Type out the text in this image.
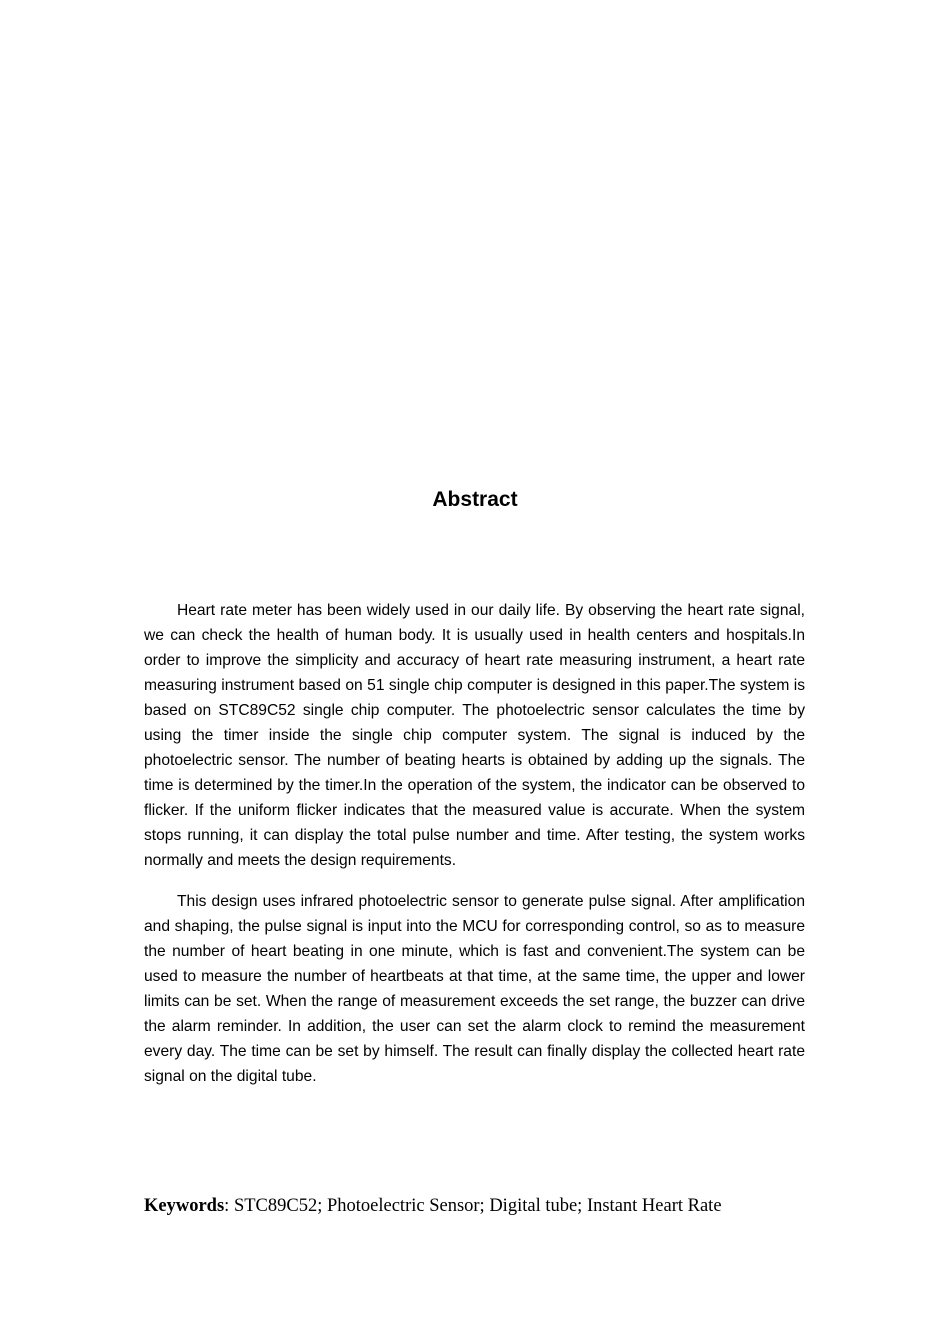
Abstract

Heart rate meter has been widely used in our daily life. By observing the heart rate signal, we can check the health of human body. It is usually used in health centers and hospitals.In order to improve the simplicity and accuracy of heart rate measuring instrument, a heart rate measuring instrument based on 51 single chip computer is designed in this paper.The system is based on STC89C52 single chip computer. The photoelectric sensor calculates the time by using the timer inside the single chip computer system. The signal is induced by the photoelectric sensor. The number of beating hearts is obtained by adding up the signals. The time is determined by the timer.In the operation of the system, the indicator can be observed to flicker. If the uniform flicker indicates that the measured value is accurate. When the system stops running, it can display the total pulse number and time. After testing, the system works normally and meets the design requirements.

This design uses infrared photoelectric sensor to generate pulse signal. After amplification and shaping, the pulse signal is input into the MCU for corresponding control, so as to measure the number of heart beating in one minute, which is fast and convenient.The system can be used to measure the number of heartbeats at that time, at the same time, the upper and lower limits can be set. When the range of measurement exceeds the set range, the buzzer can drive the alarm reminder. In addition, the user can set the alarm clock to remind the measurement every day. The time can be set by himself. The result can finally display the collected heart rate signal on the digital tube.

Keywords: STC89C52; Photoelectric Sensor; Digital tube; Instant Heart Rate
